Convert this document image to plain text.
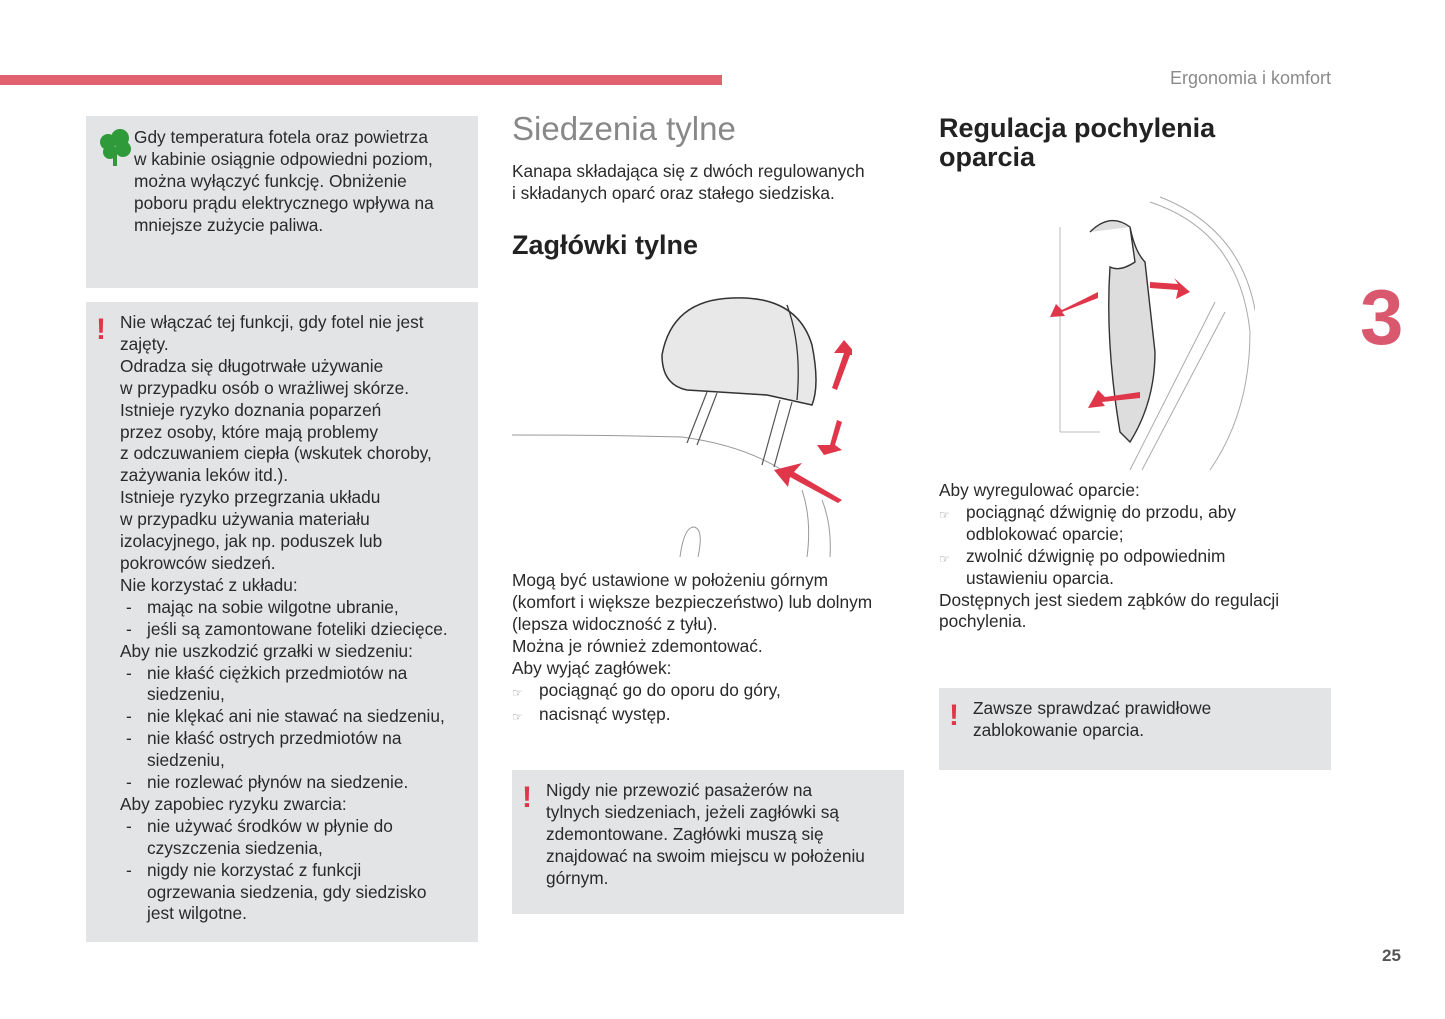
Ergonomia i komfort
3
25
Gdy temperatura fotela oraz powietrza
w kabinie osiągnie odpowiedni poziom,
można wyłączyć funkcję. Obniżenie
poboru prądu elektrycznego wpływa na
mniejsze zużycie paliwa.
! Nie włączać tej funkcji, gdy fotel nie jest
zajęty.
Odradza się długotrwałe używanie
w przypadku osób o wrażliwej skórze.
Istnieje ryzyko doznania poparzeń
przez osoby, które mają problemy
z odczuwaniem ciepła (wskutek choroby,
zażywania leków itd.).
Istnieje ryzyko przegrzania układu
w przypadku używania materiału
izolacyjnego, jak np. poduszek lub
pokrowców siedzeń.
Nie korzystać z układu:
- mając na sobie wilgotne ubranie,
- jeśli są zamontowane foteliki dziecięce.
Aby nie uszkodzić grzałki w siedzeniu:
- nie kłaść ciężkich przedmiotów na
siedzeniu,
- nie klękać ani nie stawać na siedzeniu,
- nie kłaść ostrych przedmiotów na
siedzeniu,
- nie rozlewać płynów na siedzenie.
Aby zapobiec ryzyku zwarcia:
- nie używać środków w płynie do
czyszczenia siedzenia,
- nigdy nie korzystać z funkcji
ogrzewania siedzenia, gdy siedzisko
jest wilgotne.
Siedzenia tylne
Kanapa składająca się z dwóch regulowanych
i składanych oparć oraz stałego siedziska.
Zagłówki tylne
Mogą być ustawione w położeniu górnym
(komfort i większe bezpieczeństwo) lub dolnym
(lepsza widoczność z tyłu).
Można je również zdemontować.
Aby wyjąć zagłówek:
☞ pociągnąć go do oporu do góry,
☞ nacisnąć występ.
! Nigdy nie przewozić pasażerów na
tylnych siedzeniach, jeżeli zagłówki są
zdemontowane. Zagłówki muszą się
znajdować na swoim miejscu w położeniu
górnym.
Regulacja pochylenia
oparcia
Aby wyregulować oparcie:
☞ pociągnąć dźwignię do przodu, aby
odblokować oparcie;
☞ zwolnić dźwignię po odpowiednim
ustawieniu oparcia.
Dostępnych jest siedem ząbków do regulacji
pochylenia.
! Zawsze sprawdzać prawidłowe
zablokowanie oparcia.
